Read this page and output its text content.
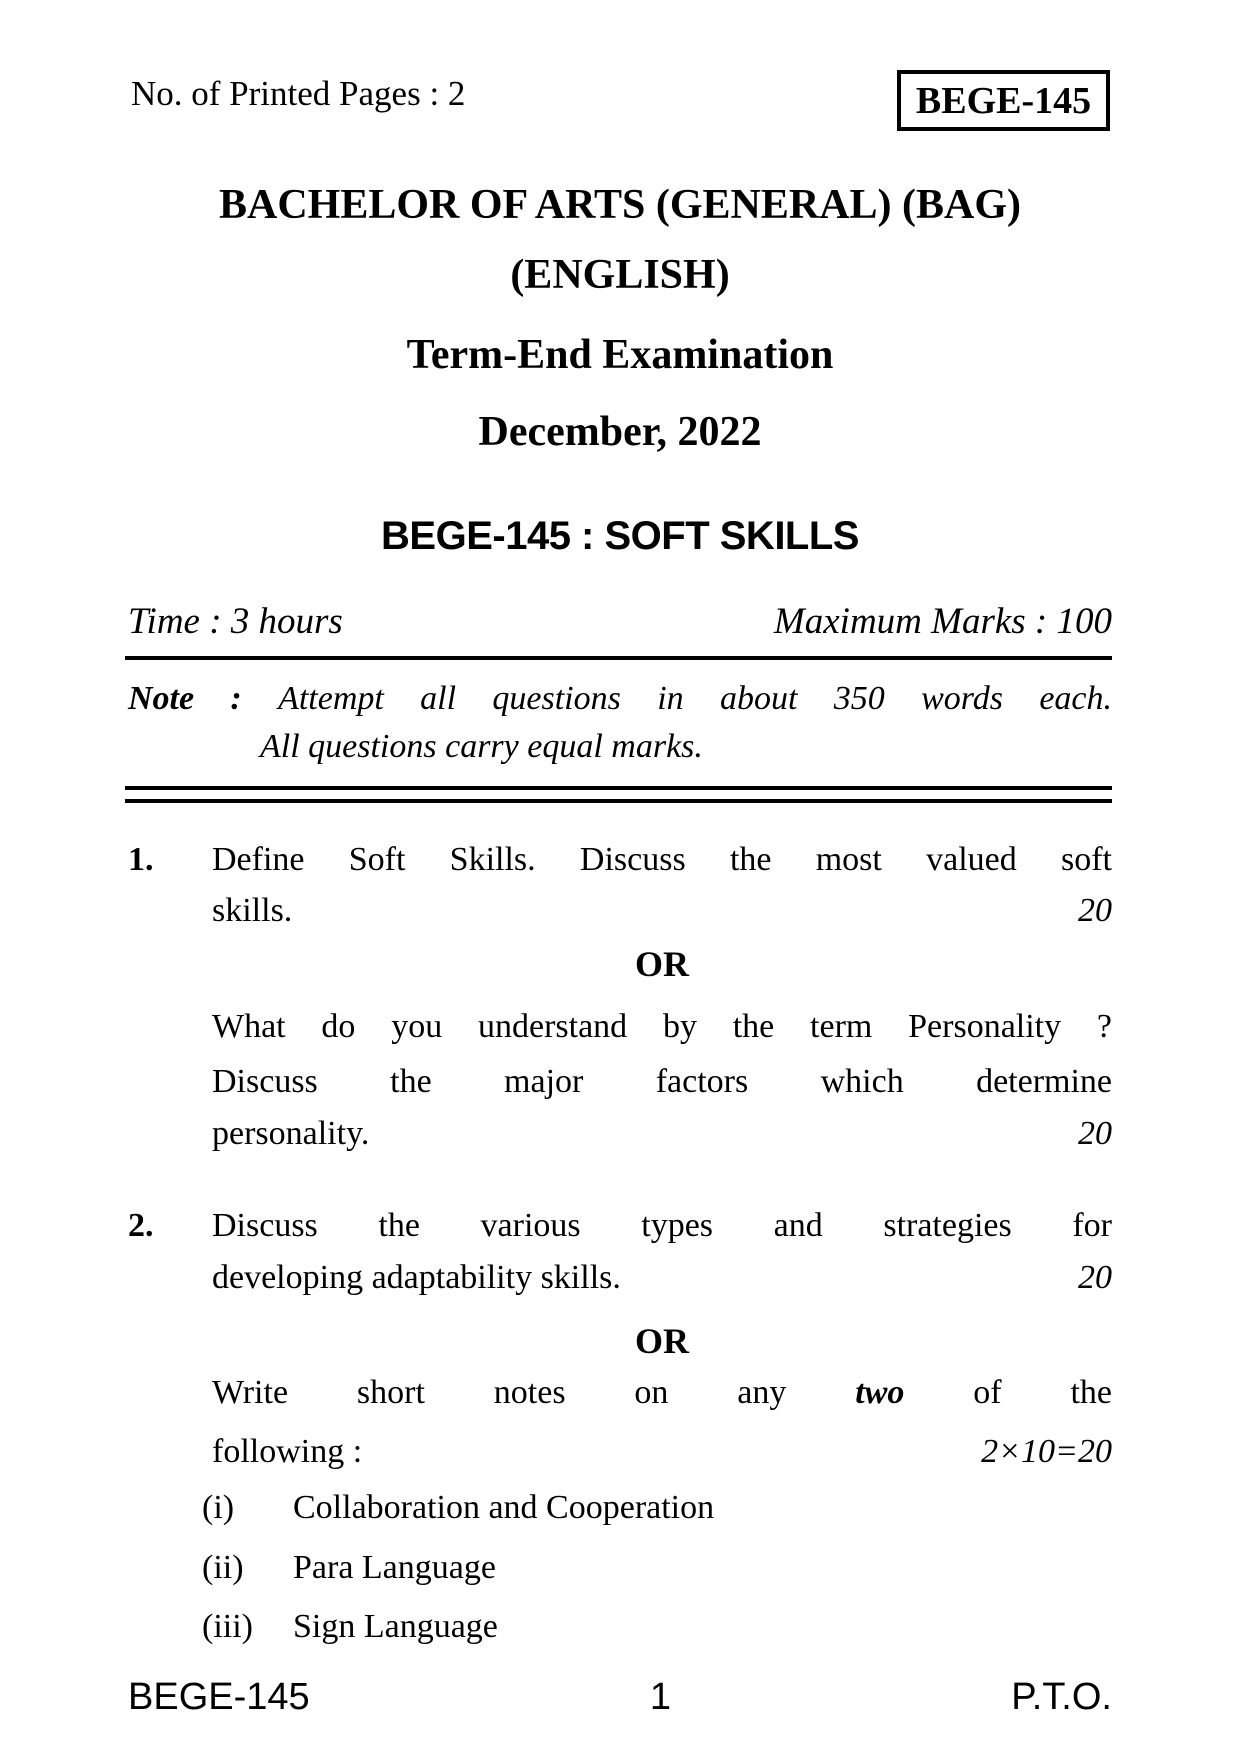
No. of Printed Pages : 2	BEGE-145
BACHELOR OF ARTS (GENERAL) (BAG)
(ENGLISH)
Term-End Examination
December, 2022
BEGE-145 : SOFT SKILLS
Time : 3 hours	Maximum Marks : 100
Note : Attempt all questions in about 350 words each.
All questions carry equal marks.
1. Define Soft Skills. Discuss the most valued soft
skills.	20
OR
What do you understand by the term Personality ?
Discuss the major factors which determine
personality.	20
2. Discuss the various types and strategies for
developing adaptability skills.	20
OR
Write short notes on any two of the
following :	2×10=20
(i) Collaboration and Cooperation
(ii) Para Language
(iii) Sign Language
BEGE-145	1	P.T.O.
